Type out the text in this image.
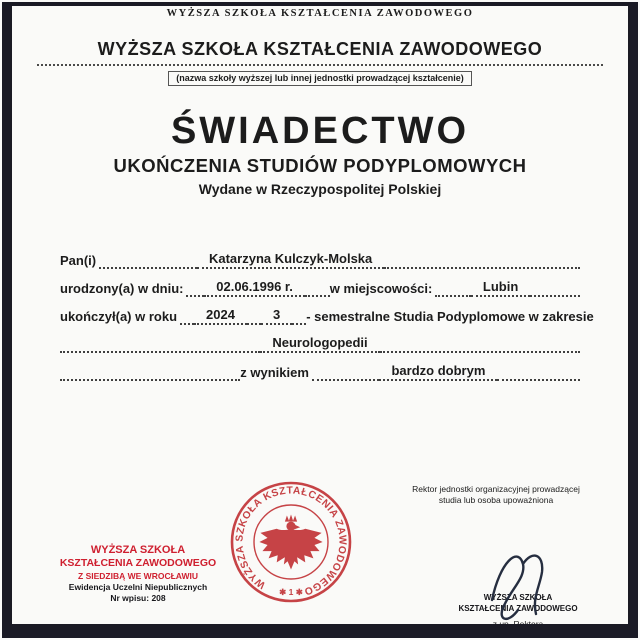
WYŻSZA SZKOŁA KSZTAŁCENIA ZAWODOWEGO
WYŻSZA SZKOŁA KSZTAŁCENIA ZAWODOWEGO
(nazwa szkoły wyższej lub innej jednostki prowadzącej kształcenie)
ŚWIADECTWO
UKOŃCZENIA STUDIÓW PODYPLOMOWYCH
Wydane w Rzeczypospolitej Polskiej
Pan(i)	Katarzyna Kulczyk-Molska
urodzony(a) w dniu:	02.06.1996 r.	w miejscowości:	Lubin
ukończył(a) w roku	2024	3	- semestralne Studia Podyplomowe w zakresie
Neurologopedii
z wynikiem	bardzo dobrym
WYŻSZA SZKOŁA
KSZTAŁCENIA ZAWODOWEGO
Z SIEDZIBĄ WE WROCŁAWIU
Ewidencja Uczelni Niepublicznych
Nr wpisu: 208
WYŻSZA SZKOŁA KSZTAŁCENIA ZAWODOWEGO
✱ 1 ✱
Rektor jednostki organizacyjnej prowadzącej
studia lub osoba upoważniona
WYŻSZA SZKOŁA
KSZTAŁCENIA ZAWODOWEGO
z up. Rektora
